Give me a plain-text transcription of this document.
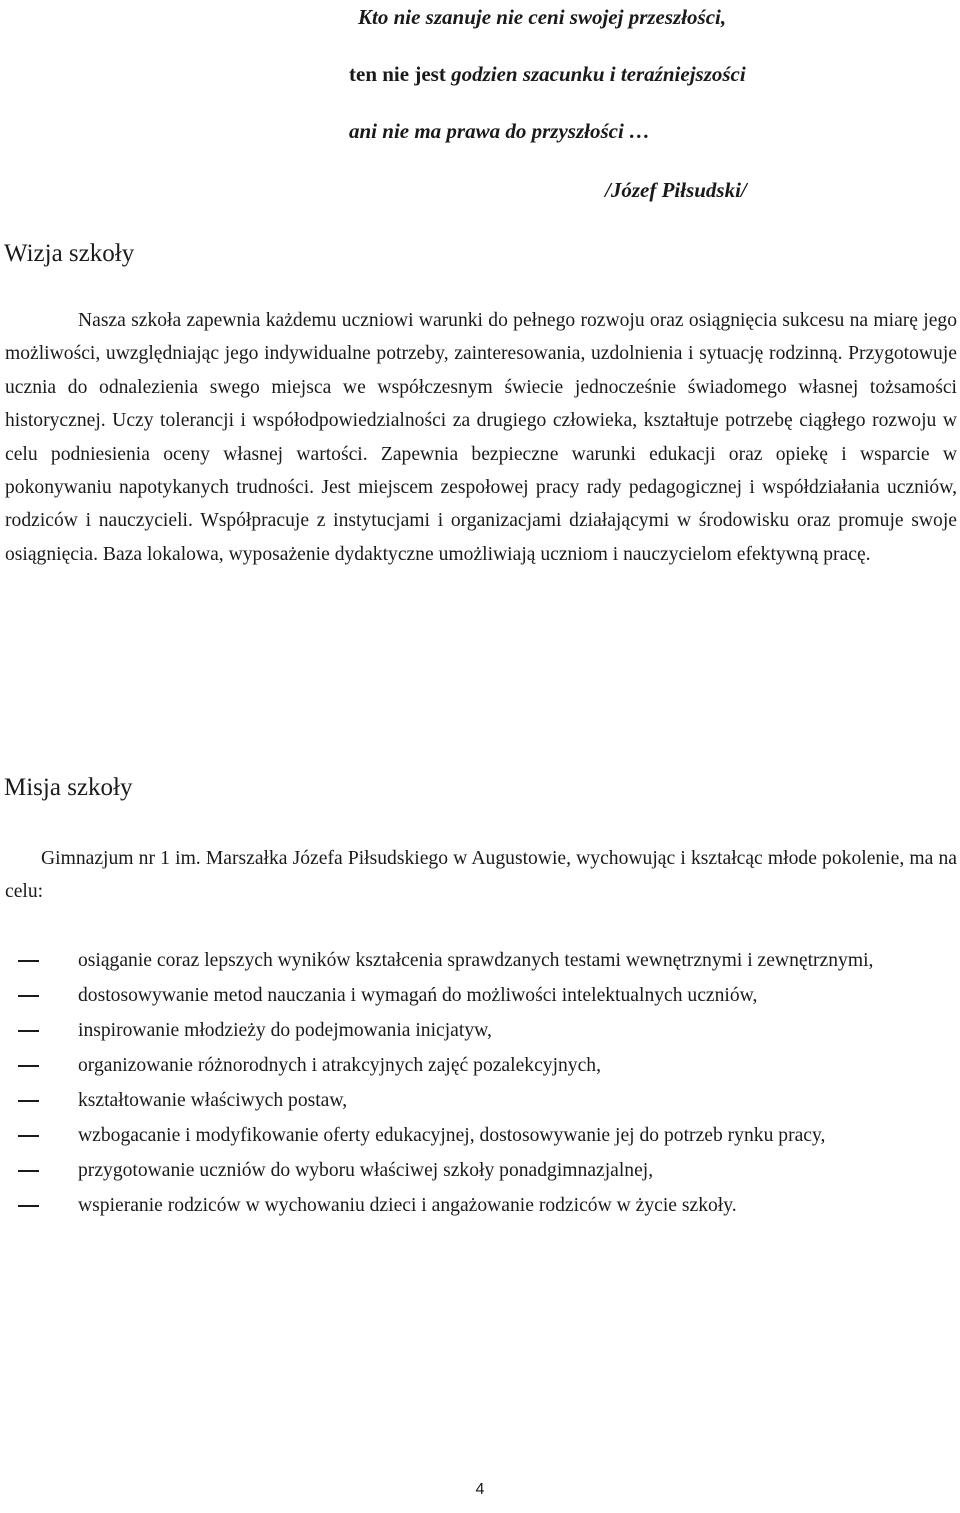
Kto nie szanuje nie ceni swojej przeszłości,
ten nie jest godzien szacunku i teraźniejszości
ani nie ma prawa do przyszłości …
/Józef Piłsudski/
Wizja szkoły

Nasza szkoła zapewnia każdemu uczniowi warunki do pełnego rozwoju oraz osiągnięcia sukcesu na miarę jego możliwości, uwzględniając jego indywidualne potrzeby, zainteresowania, uzdolnienia i sytuację rodzinną. Przygotowuje ucznia do odnalezienia swego miejsca we współczesnym świecie jednocześnie świadomego własnej tożsamości historycznej. Uczy tolerancji i współodpowiedzialności za drugiego człowieka, kształtuje potrzebę ciągłego rozwoju w celu podniesienia oceny własnej wartości. Zapewnia bezpieczne warunki edukacji oraz opiekę i wsparcie w pokonywaniu napotykanych trudności. Jest miejscem zespołowej pracy rady pedagogicznej i współdziałania uczniów, rodziców i nauczycieli. Współpracuje z instytucjami i organizacjami działającymi w środowisku oraz promuje swoje osiągnięcia. Baza lokalowa, wyposażenie dydaktyczne umożliwiają uczniom i nauczycielom efektywną pracę.

Misja szkoły

Gimnazjum nr 1 im. Marszałka Józefa Piłsudskiego w Augustowie, wychowując i kształcąc młode pokolenie, ma na celu:

osiąganie coraz lepszych wyników kształcenia sprawdzanych testami wewnętrznymi i zewnętrznymi,
dostosowywanie metod nauczania i wymagań do możliwości intelektualnych uczniów,
inspirowanie młodzieży do podejmowania inicjatyw,
organizowanie różnorodnych i atrakcyjnych zajęć pozalekcyjnych,
kształtowanie właściwych postaw,
wzbogacanie i modyfikowanie oferty edukacyjnej, dostosowywanie jej do potrzeb rynku pracy,
przygotowanie uczniów do wyboru właściwej szkoły ponadgimnazjalnej,
wspieranie rodziców w wychowaniu dzieci i angażowanie rodziców w życie szkoły.
4
